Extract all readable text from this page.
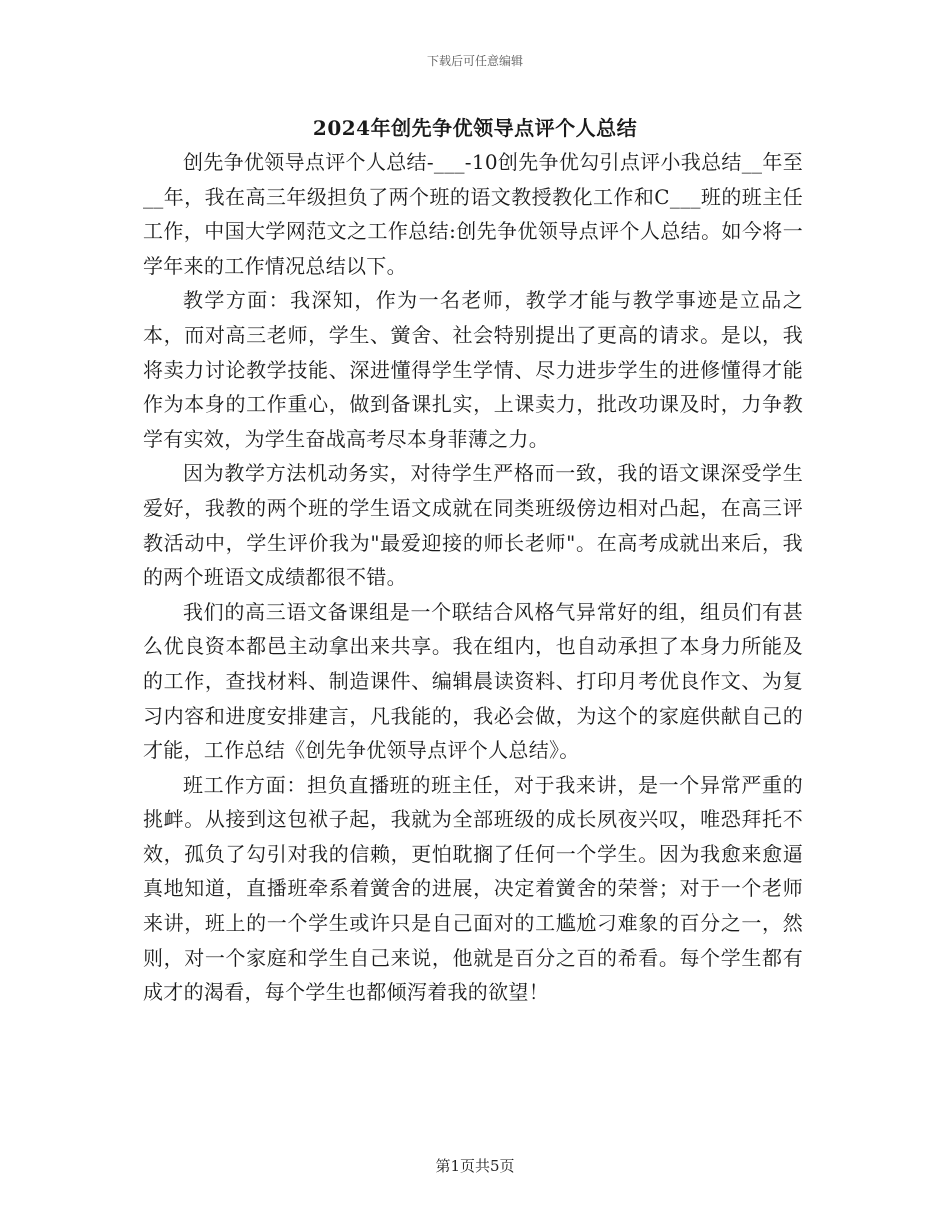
下载后可任意编辑
2024年创先争优领导点评个人总结

创先争优领导点评个人总结-___-10创先争优勾引点评小我总结__年至__年，我在高三年级担负了两个班的语文教授教化工作和C___班的班主任工作，中国大学网范文之工作总结:创先争优领导点评个人总结。如今将一学年来的工作情况总结以下。

教学方面：我深知，作为一名老师，教学才能与教学事迹是立品之本，而对高三老师，学生、黉舍、社会特别提出了更高的请求。是以，我将卖力讨论教学技能、深进懂得学生学情、尽力进步学生的进修懂得才能作为本身的工作重心，做到备课扎实，上课卖力，批改功课及时，力争教学有实效，为学生奋战高考尽本身菲薄之力。

因为教学方法机动务实，对待学生严格而一致，我的语文课深受学生爱好，我教的两个班的学生语文成就在同类班级傍边相对凸起，在高三评教活动中，学生评价我为"最爱迎接的师长老师"。在高考成就出来后，我的两个班语文成绩都很不错。

我们的高三语文备课组是一个联结合风格气异常好的组，组员们有甚么优良资本都邑主动拿出来共享。我在组内，也自动承担了本身力所能及的工作，查找材料、制造课件、编辑晨读资料、打印月考优良作文、为复习内容和进度安排建言，凡我能的，我必会做，为这个的家庭供献自己的才能，工作总结《创先争优领导点评个人总结》。

班工作方面：担负直播班的班主任，对于我来讲，是一个异常严重的挑衅。从接到这包袱子起，我就为全部班级的成长夙夜兴叹，唯恐拜托不效，孤负了勾引对我的信赖，更怕耽搁了任何一个学生。因为我愈来愈逼真地知道，直播班牵系着黉舍的进展，决定着黉舍的荣誉；对于一个老师来讲，班上的一个学生或许只是自己面对的工尴尬刁难象的百分之一，然则，对一个家庭和学生自己来说，他就是百分之百的希看。每个学生都有成才的渴看，每个学生也都倾泻着我的欲望！

第1页共5页
